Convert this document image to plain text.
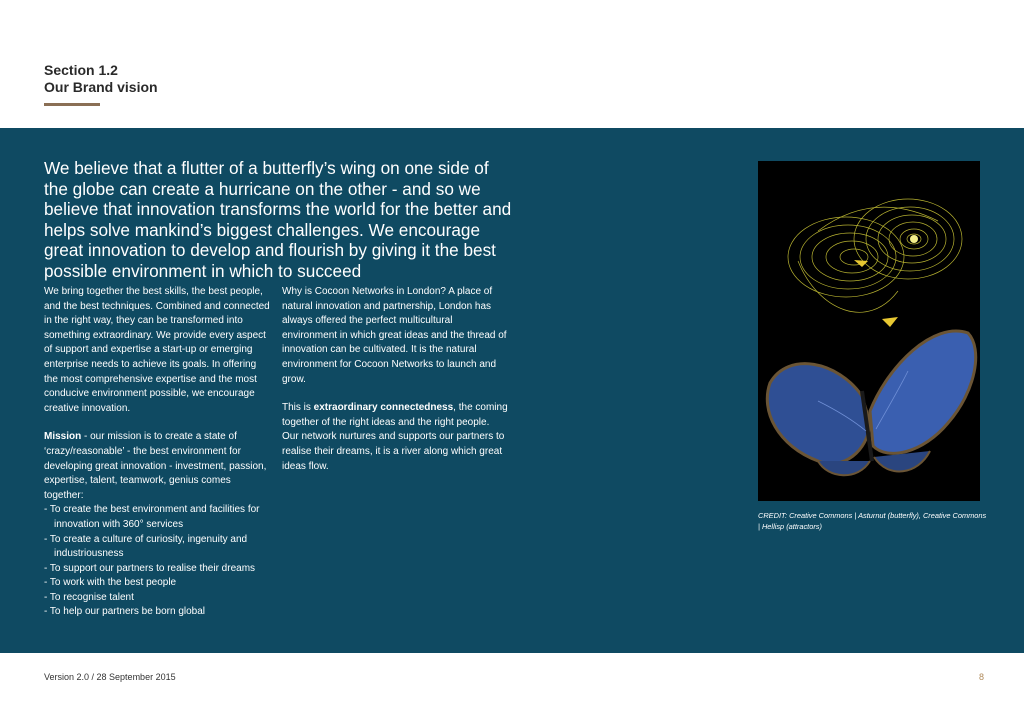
Section 1.2
Our Brand vision
We believe that a flutter of a butterfly’s wing on one side of the globe can create a hurricane on the other - and so we believe that innovation transforms the world for the better and helps solve mankind’s biggest challenges. We encourage great innovation to develop and flourish by giving it the best possible environment in which to succeed

We bring together the best skills, the best people, and the best techniques. Combined and connected in the right way, they can be transformed into something extraordinary. We provide every aspect of support and expertise a start-up or emerging enterprise needs to achieve its goals. In offering the most comprehensive expertise and the most conducive environment possible, we encourage creative innovation.

Mission - our mission is to create a state of ‘crazy/reasonable’ - the best environment for developing great innovation - investment, passion, expertise, talent, teamwork, genius comes together:
- To create the best environment and facilities for innovation with 360° services
- To create a culture of curiosity, ingenuity and industriousness
- To support our partners to realise their dreams
- To work with the best people
- To recognise talent
- To help our partners be born global

Why is Cocoon Networks in London? A place of natural innovation and partnership, London has always offered the perfect multicultural environment in which great ideas and the thread of innovation can be cultivated. It is the natural environment for Cocoon Networks to launch and grow.

This is extraordinary connectedness, the coming together of the right ideas and the right people. Our network nurtures and supports our partners to realise their dreams, it is a river along which great ideas flow.

CREDIT: Creative Commons | Asturnut (butterfly), Creative Commons | Hellisp (attractors)
Version 2.0 / 28 September 2015	8
